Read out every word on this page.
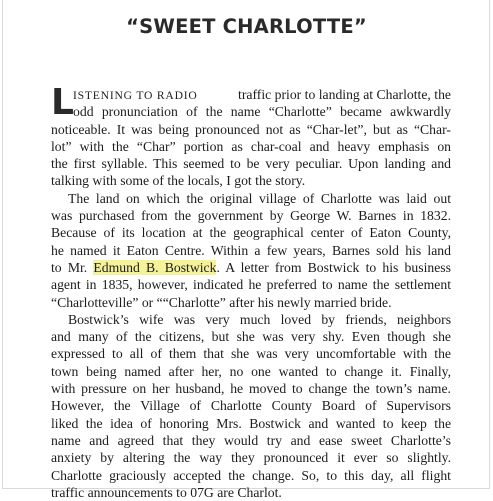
“SWEET CHARLOTTE”
L ISTENING TO RADIO	traffic prior to landing at Charlotte, the
odd pronunciation of the name “Charlotte” became awkwardly
noticeable. It was being pronounced not as “Char-let”, but as “Char-
lot” with the “Char” portion as char-coal and heavy emphasis on
the first syllable. This seemed to be very peculiar. Upon landing and
talking with some of the locals, I got the story.
The land on which the original village of Charlotte was laid out
was purchased from the government by George W. Barnes in 1832.
Because of its location at the geographical center of Eaton County,
he named it Eaton Centre. Within a few years, Barnes sold his land
to Mr. Edmund B. Bostwick. A letter from Bostwick to his business
agent in 1835, however, indicated he preferred to name the settlement
“Charlotteville” or ““Charlotte” after his newly married bride.
Bostwick’s wife was very much loved by friends, neighbors
and many of the citizens, but she was very shy. Even though she
expressed to all of them that she was very uncomfortable with the
town being named after her, no one wanted to change it. Finally,
with pressure on her husband, he moved to change the town’s name.
However, the Village of Charlotte County Board of Supervisors
liked the idea of honoring Mrs. Bostwick and wanted to keep the
name and agreed that they would try and ease sweet Charlotte’s
anxiety by altering the way they pronounced it ever so slightly.
Charlotte graciously accepted the change. So, to this day, all flight
traffic announcements to 07G are Charlot.
